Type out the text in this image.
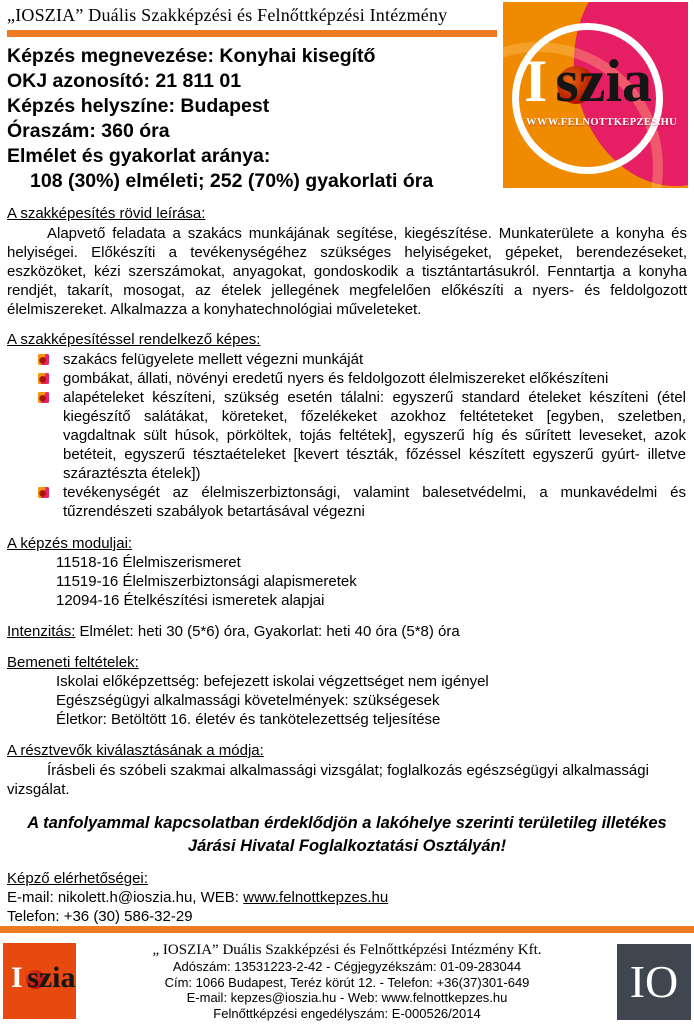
„IOSZIA” Duális Szakképzési és Felnőttképzési Intézmény
I szia
WWW.FELNOTTKEPZES.HU
Képzés megnevezése: Konyhai kisegítő
OKJ azonosító: 21 811 01
Képzés helyszíne: Budapest
Óraszám: 360 óra
Elmélet és gyakorlat aránya:
108 (30%) elméleti; 252 (70%) gyakorlati óra
A szakképesítés rövid leírása:
Alapvető feladata a szakács munkájának segítése, kiegészítése. Munkaterülete a konyha és helyiségei. Előkészíti a tevékenységéhez szükséges helyiségeket, gépeket, berendezéseket, eszközöket, kézi szerszámokat, anyagokat, gondoskodik a tisztántartásukról. Fenntartja a konyha rendjét, takarít, mosogat, az ételek jellegének megfelelően előkészíti a nyers- és feldolgozott élelmiszereket. Alkalmazza a konyhatechnológiai műveleteket.
A szakképesítéssel rendelkező képes:
szakács felügyelete mellett végezni munkáját
gombákat, állati, növényi eredetű nyers és feldolgozott élelmiszereket előkészíteni
alapételeket készíteni, szükség esetén tálalni: egyszerű standard ételeket készíteni (étel kiegészítő salátákat, köreteket, főzelékeket azokhoz feltéteteket [egyben, szeletben, vagdaltnak sült húsok, pörköltek, tojás feltétek], egyszerű híg és sűrített leveseket, azok betéteit, egyszerű tésztaételeket [kevert tészták, főzéssel készített egyszerű gyúrt- illetve száraztészta ételek])
tevékenységét az élelmiszerbiztonsági, valamint balesetvédelmi, a munkavédelmi és tűzrendészeti szabályok betartásával végezni
A képzés moduljai:
11518-16 Élelmiszerismeret
11519-16 Élelmiszerbiztonsági alapismeretek
12094-16 Ételkészítési ismeretek alapjai
Intenzitás: Elmélet: heti 30 (5*6) óra, Gyakorlat: heti 40 óra (5*8) óra
Bemeneti feltételek:
Iskolai előképzettség: befejezett iskolai végzettséget nem igényel
Egészségügyi alkalmassági követelmények: szükségesek
Életkor: Betöltött 16. életév és tankötelezettség teljesítése
A résztvevők kiválasztásának a módja:
Írásbeli és szóbeli szakmai alkalmassági vizsgálat; foglalkozás egészségügyi alkalmassági vizsgálat.
A tanfolyammal kapcsolatban érdeklődjön a lakóhelye szerinti területileg illetékes Járási Hivatal Foglalkoztatási Osztályán!
Képző elérhetőségei:
E-mail: nikolett.h@ioszia.hu, WEB: www.felnottkepzes.hu
Telefon: +36 (30) 586-32-29
I szia
„ IOSZIA” Duális Szakképzési és Felnőttképzési Intézmény Kft.
Adószám: 13531223-2-42 - Cégjegyzékszám: 01-09-283044
Cím: 1066 Budapest, Teréz körút 12. - Telefon: +36(37)301-649
E-mail: kepzes@ioszia.hu - Web: www.felnottkepzes.hu
Felnőttképzési engedélyszám: E-000526/2014
IO
